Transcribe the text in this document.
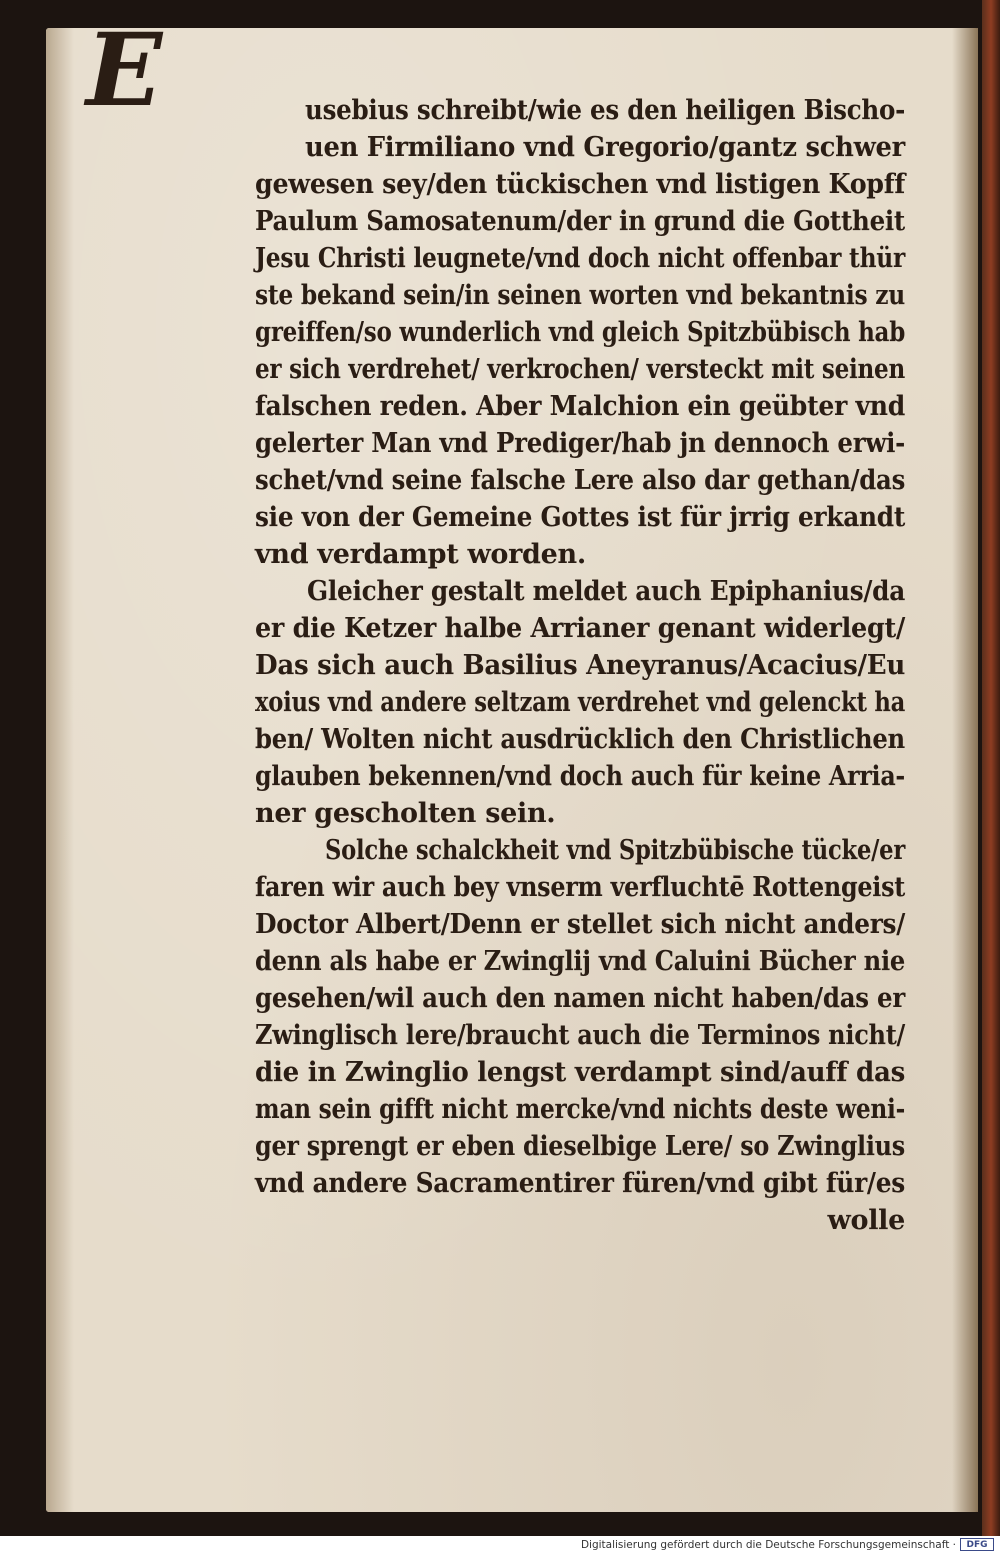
E	usebius schreibt/wie es den heiligen Bischo-
uen Firmiliano vnd Gregorio/gantz schwer
gewesen sey/den tückischen vnd listigen Kopff
Paulum Samosatenum/der in grund die Gottheit
Jesu Christi leugnete/vnd doch nicht offenbar thür
ste bekand sein/in seinen worten vnd bekantnis zu
greiffen/so wunderlich vnd gleich Spitzbübisch hab
er sich verdrehet/ verkrochen/ versteckt mit seinen
falschen reden. Aber Malchion ein geübter vnd
gelerter Man vnd Prediger/hab jn dennoch erwi-
schet/vnd seine falsche Lere also dar gethan/das
sie von der Gemeine Gottes ist für jrrig erkandt
vnd verdampt worden.
Gleicher gestalt meldet auch Epiphanius/da
er die Ketzer halbe Arrianer genant widerlegt/
Das sich auch Basilius Aneyranus/Acacius/Eu
xoius vnd andere seltzam verdrehet vnd gelenckt ha
ben/ Wolten nicht ausdrücklich den Christlichen
glauben bekennen/vnd doch auch für keine Arria-
ner gescholten sein.
Solche schalckheit vnd Spitzbübische tücke/er
faren wir auch bey vnserm verfluchtē Rottengeist
Doctor Albert/Denn er stellet sich nicht anders/
denn als habe er Zwinglij vnd Caluini Bücher nie
gesehen/wil auch den namen nicht haben/das er
Zwinglisch lere/braucht auch die Terminos nicht/
die in Zwinglio lengst verdampt sind/auff das
man sein gifft nicht mercke/vnd nichts deste weni-
ger sprengt er eben dieselbige Lere/ so Zwinglius
vnd andere Sacramentirer füren/vnd gibt für/es
wolle
Digitalisierung gefördert durch die Deutsche Forschungsgemeinschaft ·	DFG
